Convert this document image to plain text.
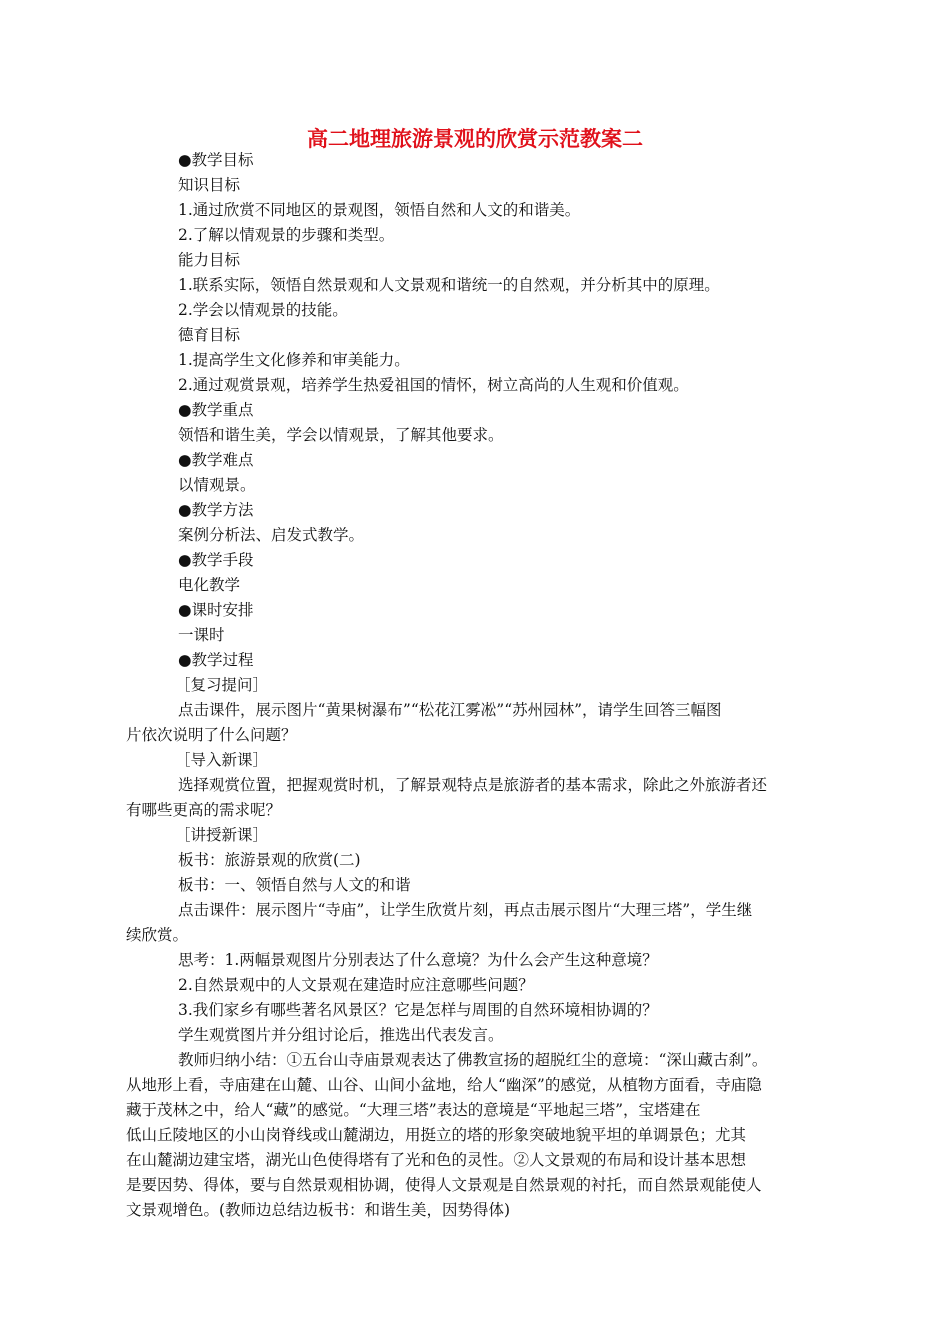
高二地理旅游景观的欣赏示范教案二
●教学目标
知识目标
1.通过欣赏不同地区的景观图，领悟自然和人文的和谐美。
2.了解以情观景的步骤和类型。
能力目标
1.联系实际，领悟自然景观和人文景观和谐统一的自然观，并分析其中的原理。
2.学会以情观景的技能。
德育目标
1.提高学生文化修养和审美能力。
2.通过观赏景观，培养学生热爱祖国的情怀，树立高尚的人生观和价值观。
●教学重点
领悟和谐生美，学会以情观景，了解其他要求。
●教学难点
以情观景。
●教学方法
案例分析法、启发式教学。
●教学手段
电化教学
●课时安排
一课时
●教学过程
［复习提问］
点击课件，展示图片“黄果树瀑布”“松花江雾凇”“苏州园林”，请学生回答三幅图
片依次说明了什么问题？
［导入新课］
选择观赏位置，把握观赏时机，了解景观特点是旅游者的基本需求，除此之外旅游者还
有哪些更高的需求呢？
［讲授新课］
板书：旅游景观的欣赏(二)
板书：一、领悟自然与人文的和谐
点击课件：展示图片“寺庙”，让学生欣赏片刻，再点击展示图片“大理三塔”，学生继
续欣赏。
思考：1.两幅景观图片分别表达了什么意境？为什么会产生这种意境？
2.自然景观中的人文景观在建造时应注意哪些问题？
3.我们家乡有哪些著名风景区？它是怎样与周围的自然环境相协调的？
学生观赏图片并分组讨论后，推选出代表发言。
教师归纳小结：①五台山寺庙景观表达了佛教宣扬的超脱红尘的意境：“深山藏古刹”。
从地形上看，寺庙建在山麓、山谷、山间小盆地，给人“幽深”的感觉，从植物方面看，寺庙隐
藏于茂林之中，给人“藏”的感觉。“大理三塔”表达的意境是“平地起三塔”，宝塔建在
低山丘陵地区的小山岗脊线或山麓湖边，用挺立的塔的形象突破地貌平坦的单调景色；尤其
在山麓湖边建宝塔，湖光山色使得塔有了光和色的灵性。②人文景观的布局和设计基本思想
是要因势、得体，要与自然景观相协调，使得人文景观是自然景观的衬托，而自然景观能使人
文景观增色。(教师边总结边板书：和谐生美，因势得体)
